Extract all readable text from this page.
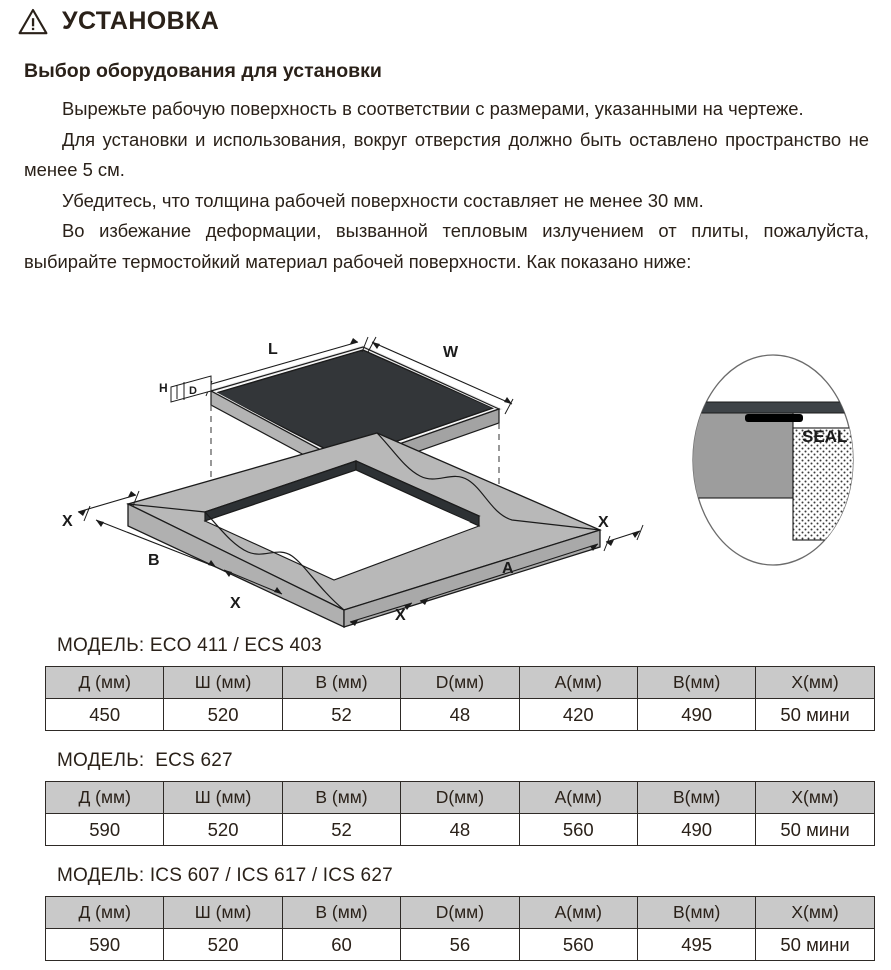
УСТАНОВКА
Выбор оборудования для установки

Вырежьте рабочую поверхность в соответствии с размерами, указанными на чертеже.

Для установки и использования, вокруг отверстия должно быть оставлено пространство не менее 5 см.

Убедитесь, что толщина рабочей поверхности составляет не менее 30 мм.

Во избежание деформации, вызванной тепловым излучением от плиты, пожалуйста, выбирайте термостойкий материал рабочей поверхности. Как показано ниже:

L	W
H D
X
B
X
X
A
X
SEAL
МОДЕЛЬ: ECO 411 / ECS 403
Д (мм)	Ш (мм)	В (мм)	D(мм)	A(мм)	B(мм)	X(мм)
450	520	52	48	420	490	50 мини
МОДЕЛЬ:  ECS 627
Д (мм)	Ш (мм)	В (мм)	D(мм)	A(мм)	B(мм)	X(мм)
590	520	52	48	560	490	50 мини
МОДЕЛЬ: ICS 607 / ICS 617 / ICS 627
Д (мм)	Ш (мм)	В (мм)	D(мм)	A(мм)	B(мм)	X(мм)
590	520	60	56	560	495	50 мини
